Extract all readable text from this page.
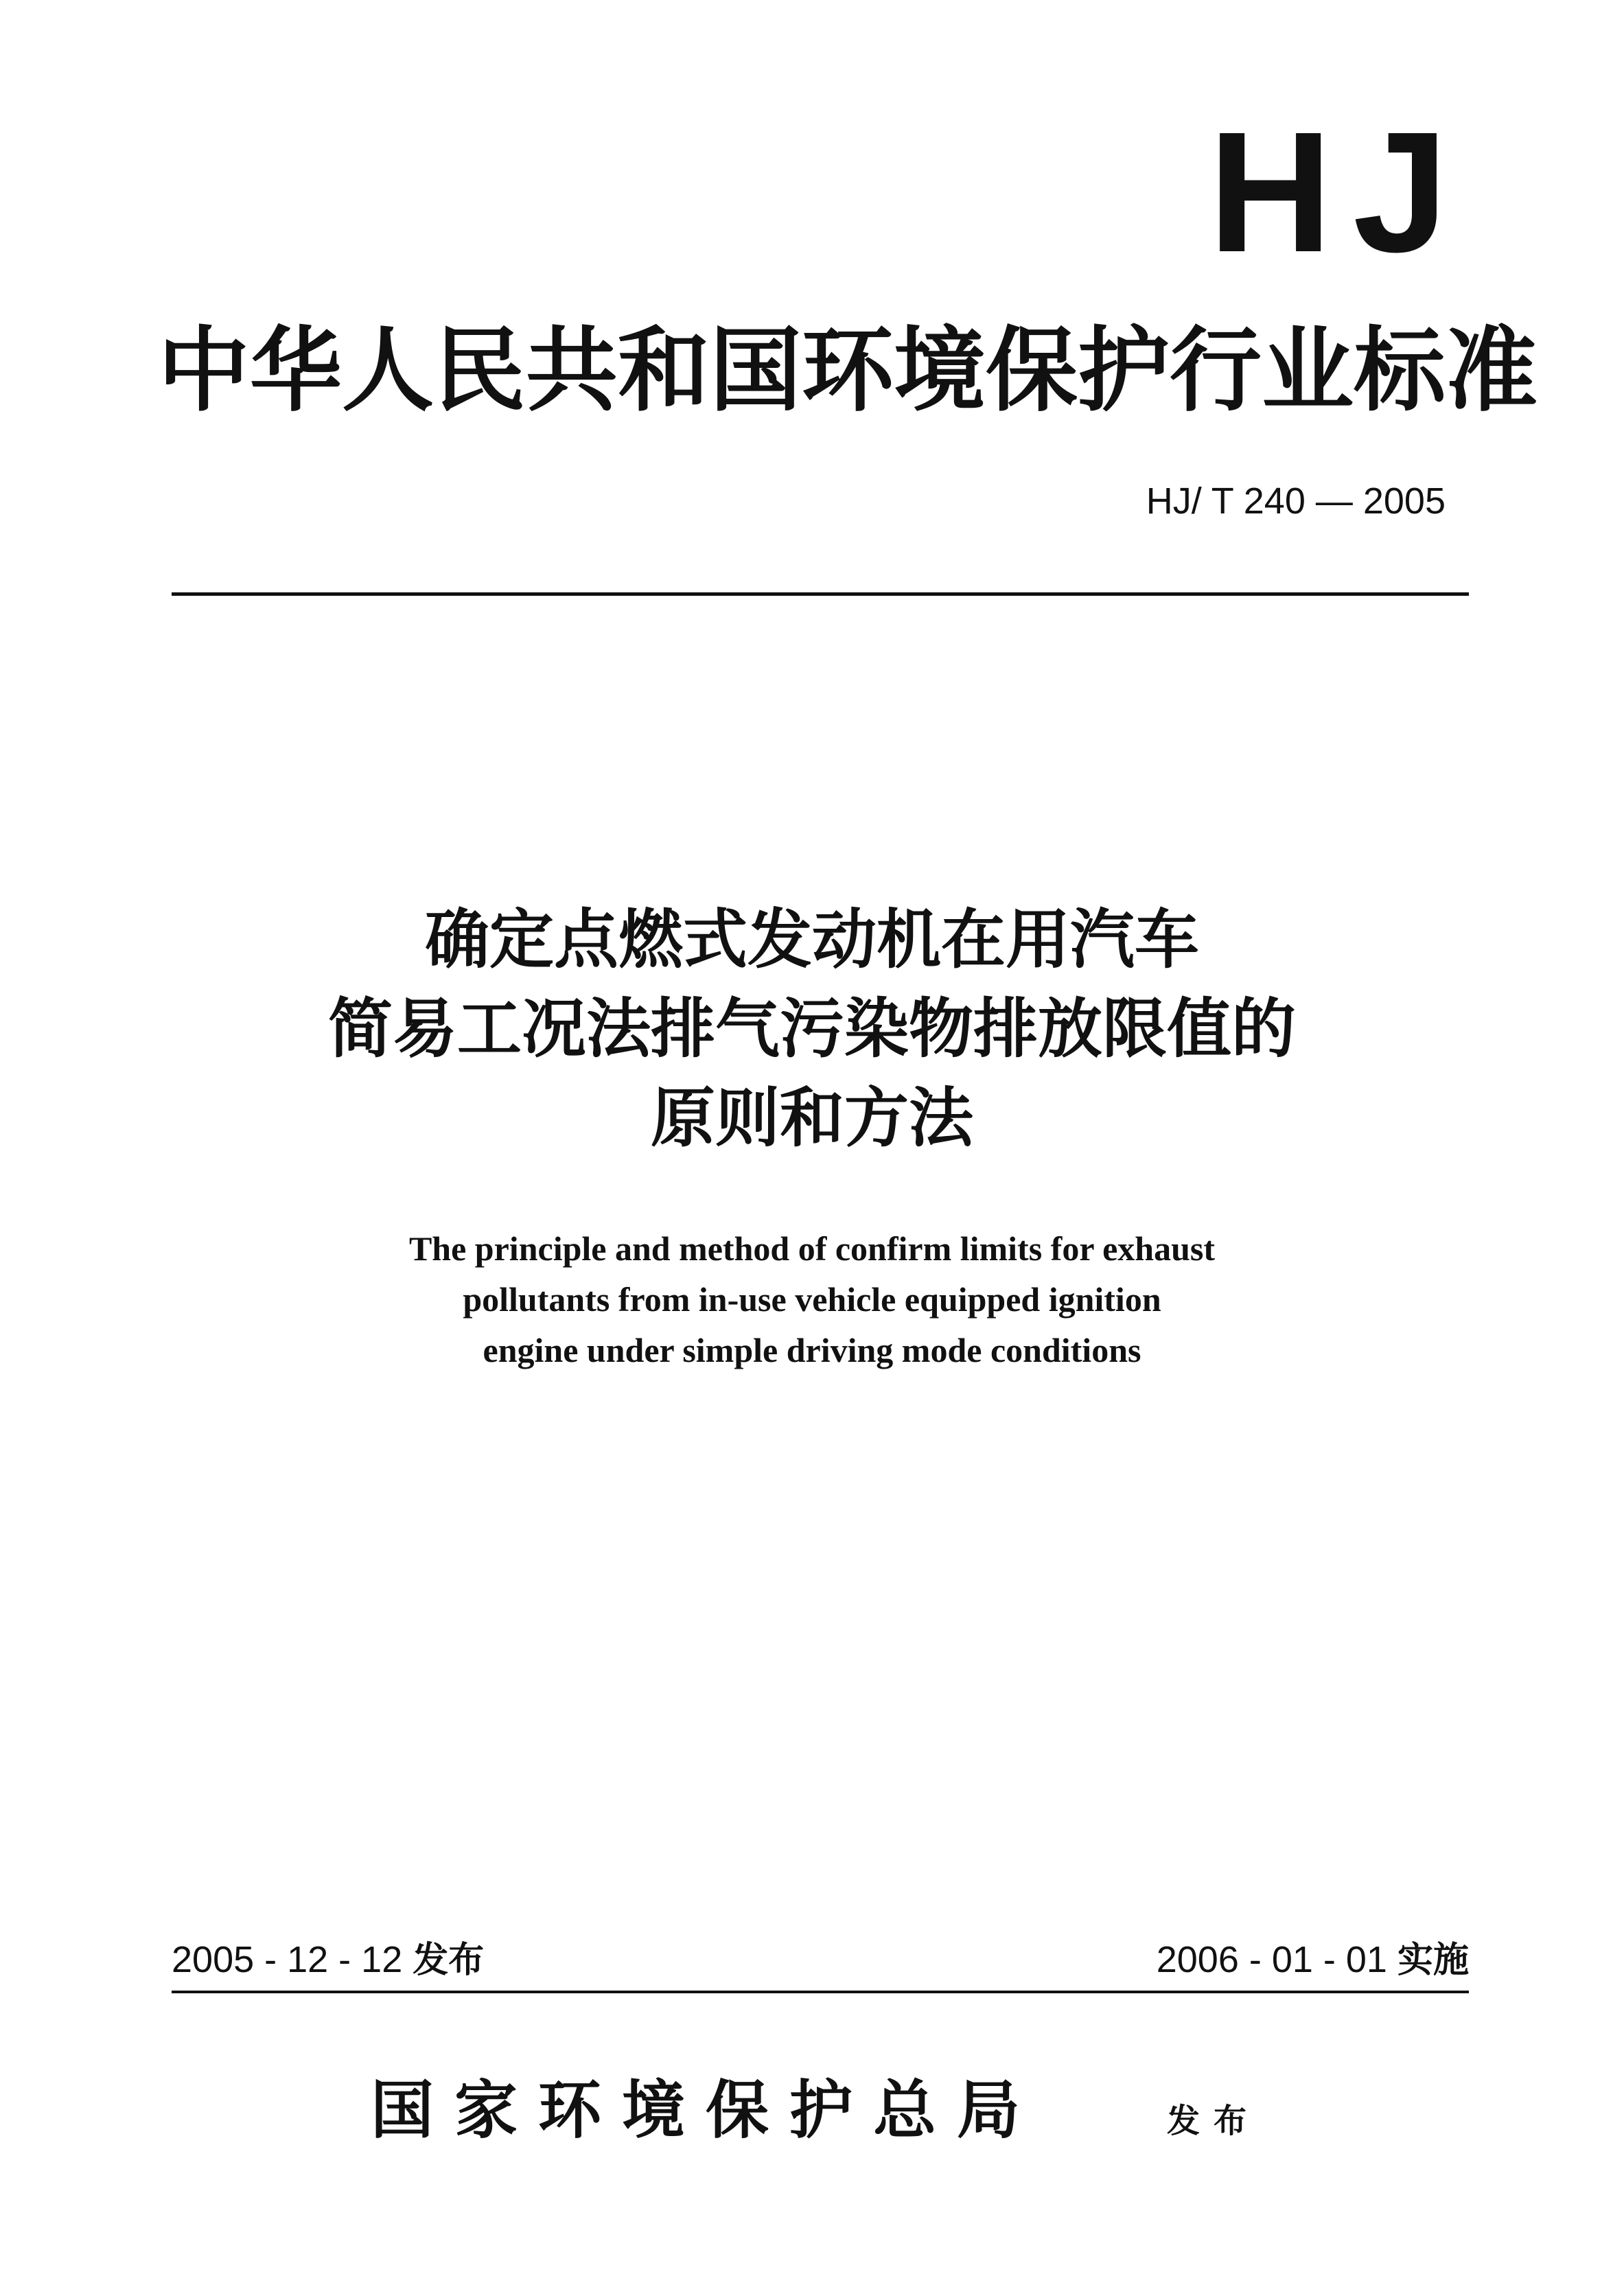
HJ
中华人民共和国环境保护行业标准
HJ/ T 240 — 2005
确定点燃式发动机在用汽车
简易工况法排气污染物排放限值的
原则和方法
The principle and method of confirm limits for exhaust
pollutants from in-use vehicle equipped ignition
engine under simple driving mode conditions
2005 - 12 - 12 发布	2006 - 01 - 01 实施
国家环境保护总局	发布
